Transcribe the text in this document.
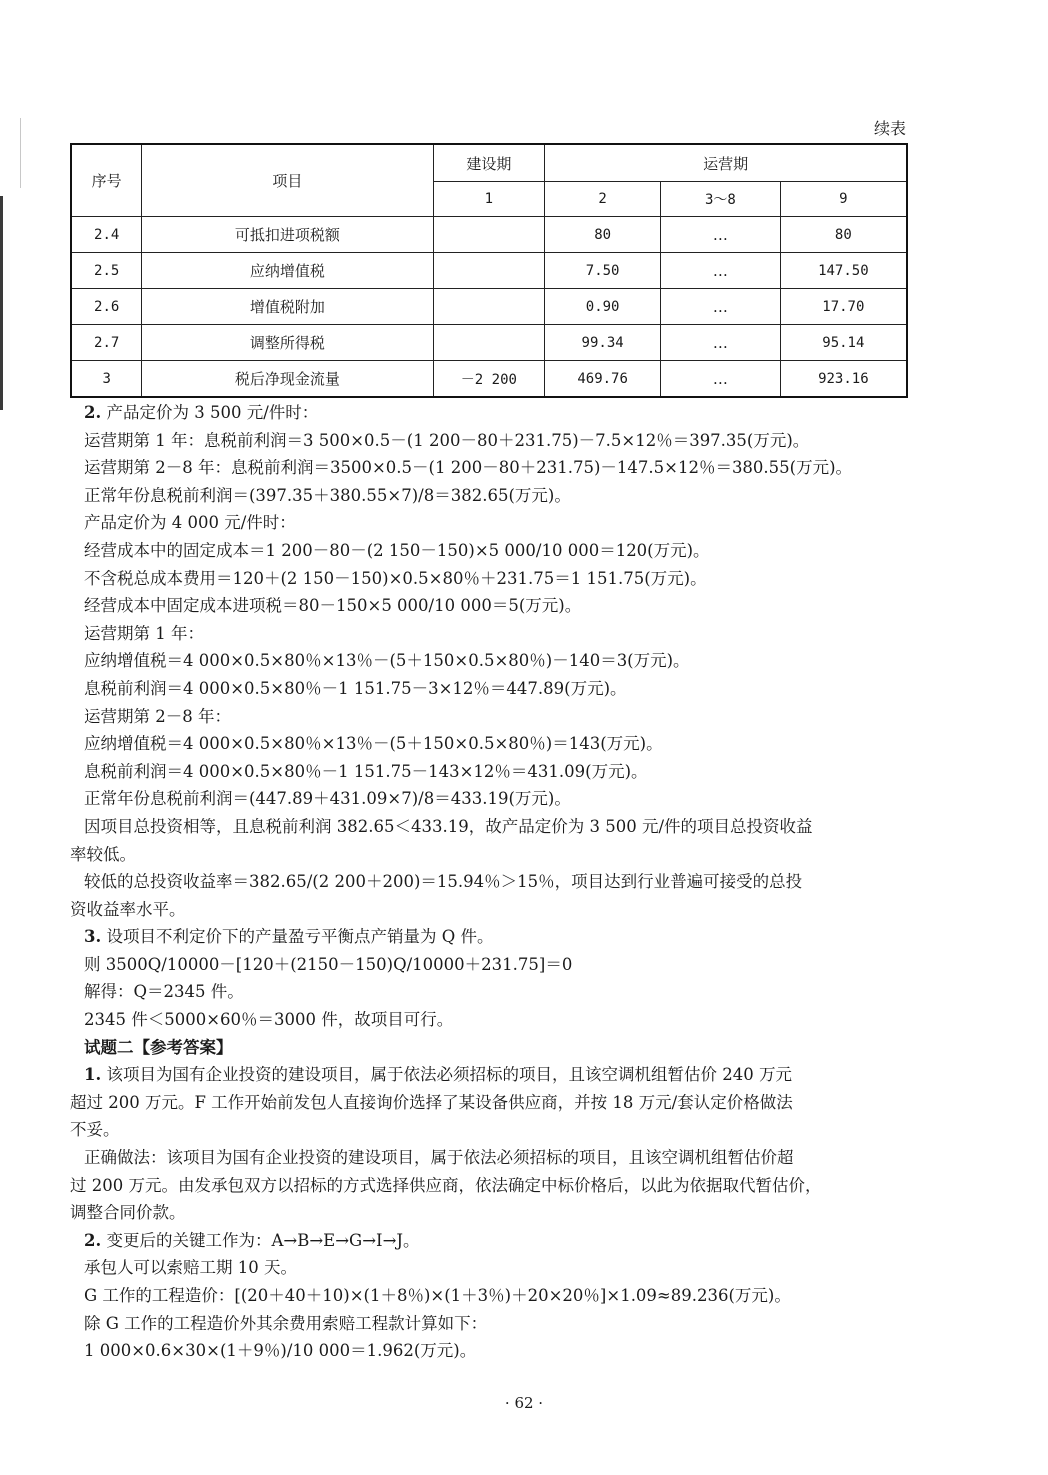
续表
序号	项目	建设期	运营期		
		1	2	3～8	9
2.4	可抵扣进项税额		80	…	80
2.5	应纳增值税		7.50	…	147.50
2.6	增值税附加		0.90	…	17.70
2.7	调整所得税		99.34	…	95.14
3	税后净现金流量	－2 200	469.76	…	923.16

2. 产品定价为 3 500 元/件时：

运营期第 1 年：息税前利润＝3 500×0.5－(1 200－80＋231.75)－7.5×12％＝397.35(万元)。

运营期第 2－8 年：息税前利润＝3500×0.5－(1 200－80＋231.75)－147.5×12％＝380.55(万元)。

正常年份息税前利润＝(397.35＋380.55×7)/8＝382.65(万元)。

产品定价为 4 000 元/件时：

经营成本中的固定成本＝1 200－80－(2 150－150)×5 000/10 000＝120(万元)。

不含税总成本费用＝120＋(2 150－150)×0.5×80％＋231.75＝1 151.75(万元)。

经营成本中固定成本进项税＝80－150×5 000/10 000＝5(万元)。

运营期第 1 年：

应纳增值税＝4 000×0.5×80％×13％－(5＋150×0.5×80％)－140＝3(万元)。

息税前利润＝4 000×0.5×80％－1 151.75－3×12％＝447.89(万元)。

运营期第 2－8 年：

应纳增值税＝4 000×0.5×80％×13％－(5＋150×0.5×80％)＝143(万元)。

息税前利润＝4 000×0.5×80％－1 151.75－143×12％＝431.09(万元)。

正常年份息税前利润＝(447.89＋431.09×7)/8＝433.19(万元)。

因项目总投资相等，且息税前利润 382.65＜433.19，故产品定价为 3 500 元/件的项目总投资收益

率较低。

较低的总投资收益率＝382.65/(2 200＋200)＝15.94％＞15％，项目达到行业普遍可接受的总投

资收益率水平。

3. 设项目不利定价下的产量盈亏平衡点产销量为 Q 件。

则 3500Q/10000－[120＋(2150－150)Q/10000＋231.75]＝0

解得：Q＝2345 件。

2345 件＜5000×60％＝3000 件，故项目可行。

试题二【参考答案】

1. 该项目为国有企业投资的建设项目，属于依法必须招标的项目，且该空调机组暂估价 240 万元

超过 200 万元。F 工作开始前发包人直接询价选择了某设备供应商，并按 18 万元/套认定价格做法

不妥。

正确做法：该项目为国有企业投资的建设项目，属于依法必须招标的项目，且该空调机组暂估价超

过 200 万元。由发承包双方以招标的方式选择供应商，依法确定中标价格后，以此为依据取代暂估价，

调整合同价款。

2. 变更后的关键工作为：A→B→E→G→I→J。

承包人可以索赔工期 10 天。

G 工作的工程造价：[(20＋40＋10)×(1＋8％)×(1＋3％)＋20×20％]×1.09≈89.236(万元)。

除 G 工作的工程造价外其余费用索赔工程款计算如下：

1 000×0.6×30×(1＋9％)/10 000＝1.962(万元)。

· 62 ·
